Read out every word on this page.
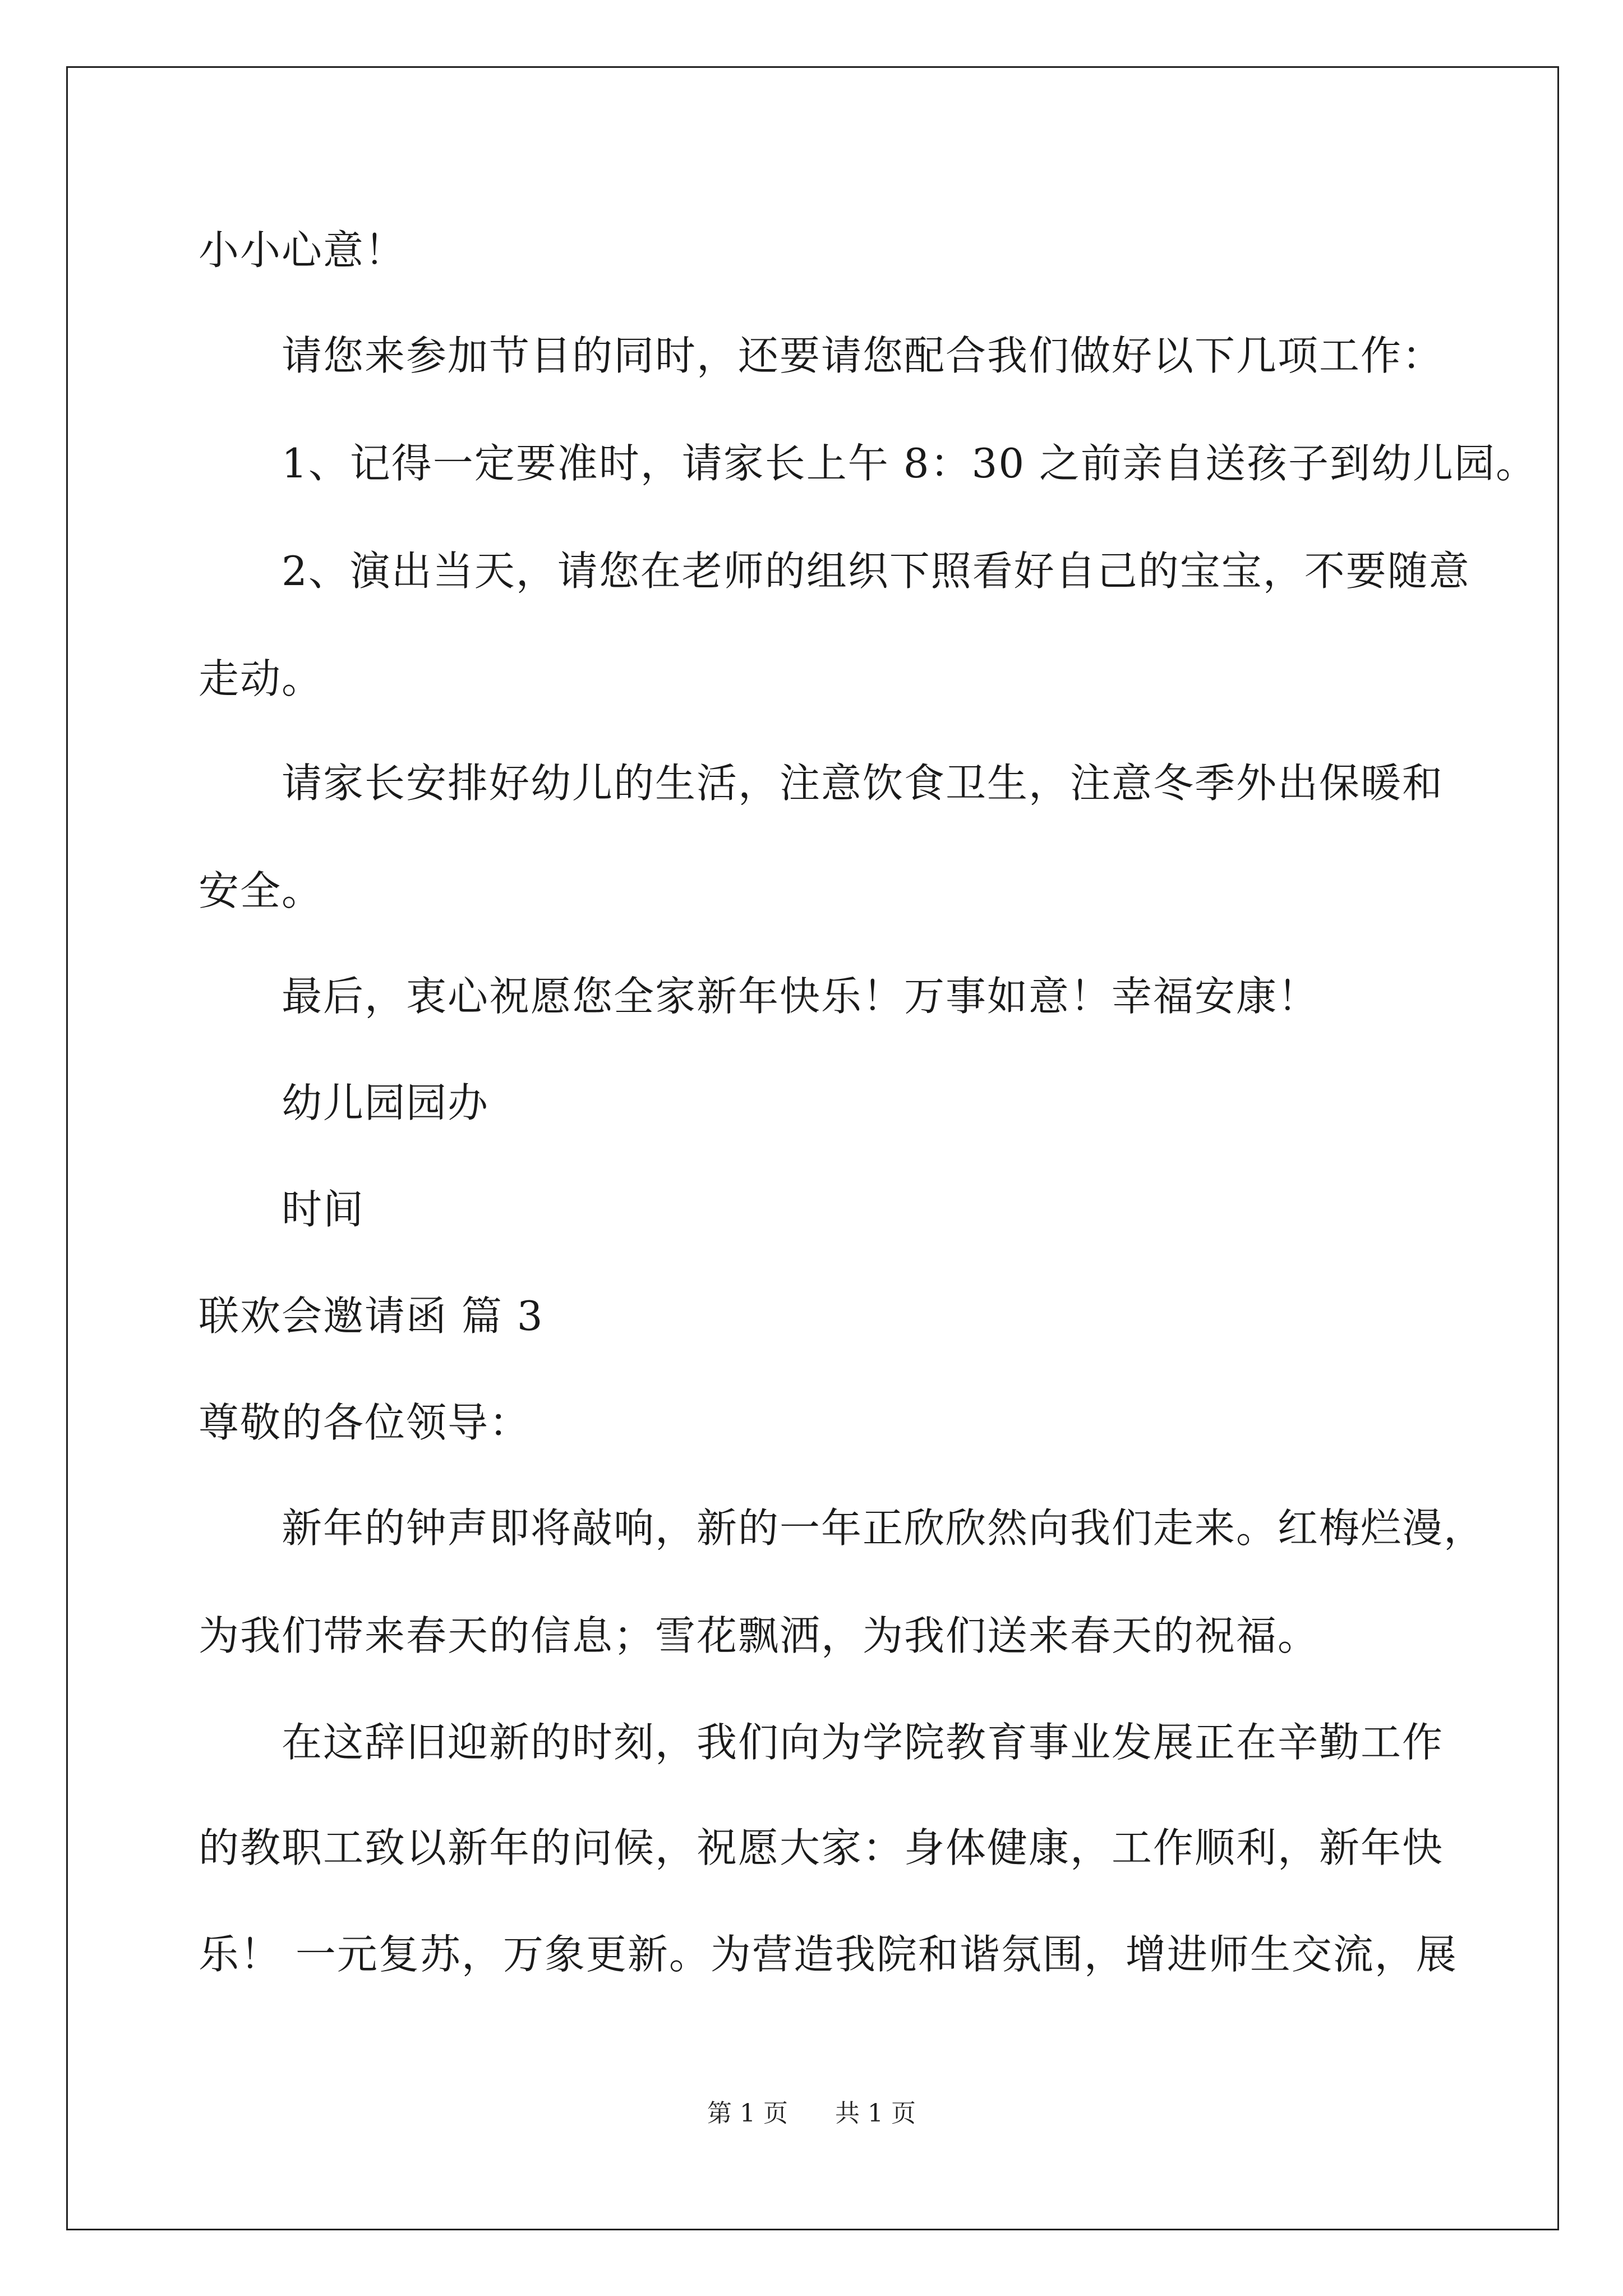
小小心意！
请您来参加节目的同时，还要请您配合我们做好以下几项工作：
1、记得一定要准时，请家长上午 8：30 之前亲自送孩子到幼儿园。
2、演出当天，请您在老师的组织下照看好自己的宝宝，不要随意
走动。
请家长安排好幼儿的生活，注意饮食卫生，注意冬季外出保暖和
安全。
最后，衷心祝愿您全家新年快乐！万事如意！幸福安康！
幼儿园园办
时间
联欢会邀请函 篇 3
尊敬的各位领导：
新年的钟声即将敲响，新的一年正欣欣然向我们走来。红梅烂漫，
为我们带来春天的信息；雪花飘洒，为我们送来春天的祝福。
在这辞旧迎新的时刻，我们向为学院教育事业发展正在辛勤工作
的教职工致以新年的问候，祝愿大家：身体健康，工作顺利，新年快
乐！ 一元复苏，万象更新。为营造我院和谐氛围，增进师生交流，展
第 1 页 共 1 页
